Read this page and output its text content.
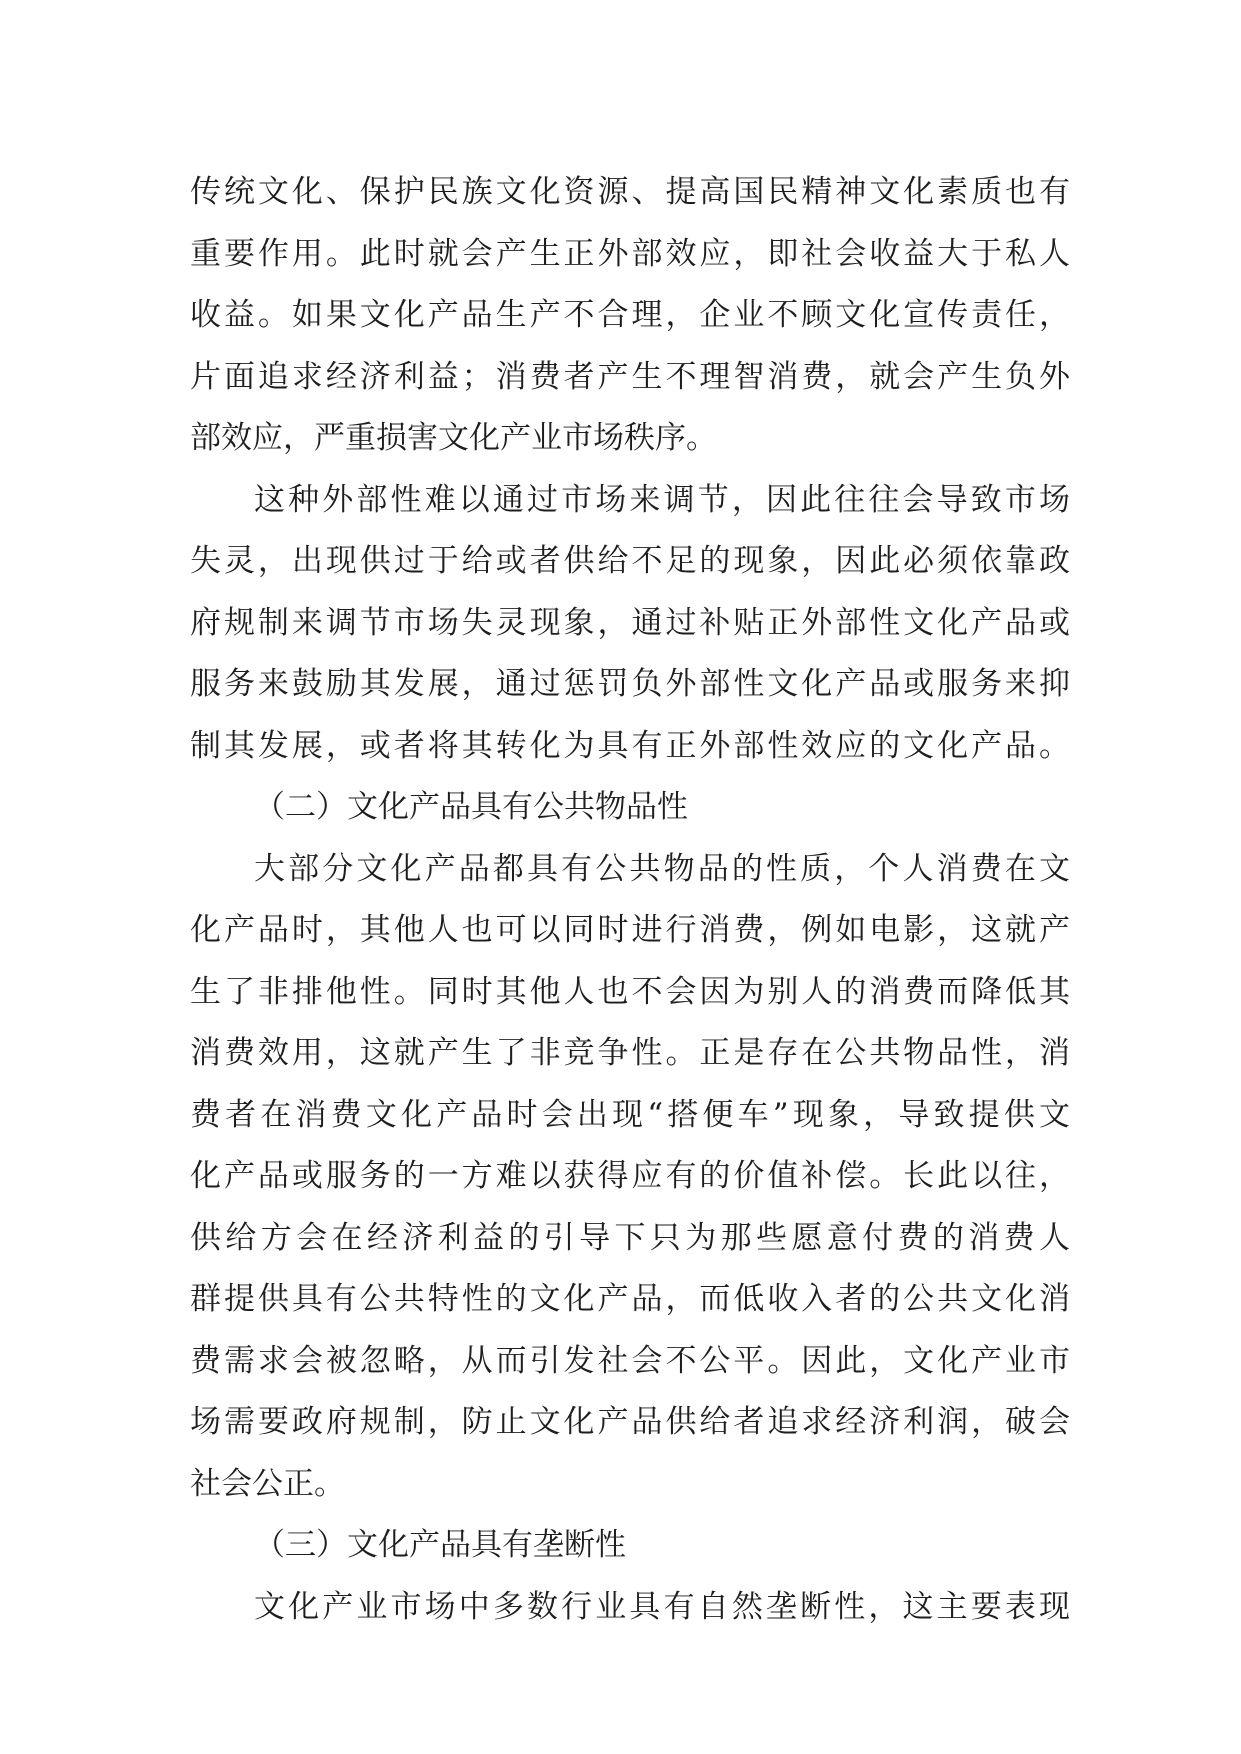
传统文化、保护民族文化资源、提高国民精神文化素质也有
重要作用。此时就会产生正外部效应，即社会收益大于私人
收益。如果文化产品生产不合理，企业不顾文化宣传责任，
片面追求经济利益；消费者产生不理智消费，就会产生负外
部效应，严重损害文化产业市场秩序。
这种外部性难以通过市场来调节，因此往往会导致市场
失灵，出现供过于给或者供给不足的现象，因此必须依靠政
府规制来调节市场失灵现象，通过补贴正外部性文化产品或
服务来鼓励其发展，通过惩罚负外部性文化产品或服务来抑
制其发展，或者将其转化为具有正外部性效应的文化产品。
（二）文化产品具有公共物品性
大部分文化产品都具有公共物品的性质，个人消费在文
化产品时，其他人也可以同时进行消费，例如电影，这就产
生了非排他性。同时其他人也不会因为别人的消费而降低其
消费效用，这就产生了非竞争性。正是存在公共物品性，消
费者在消费文化产品时会出现“搭便车”现象，导致提供文
化产品或服务的一方难以获得应有的价值补偿。长此以往，
供给方会在经济利益的引导下只为那些愿意付费的消费人
群提供具有公共特性的文化产品，而低收入者的公共文化消
费需求会被忽略，从而引发社会不公平。因此，文化产业市
场需要政府规制，防止文化产品供给者追求经济利润，破会
社会公正。
（三）文化产品具有垄断性
文化产业市场中多数行业具有自然垄断性，这主要表现
